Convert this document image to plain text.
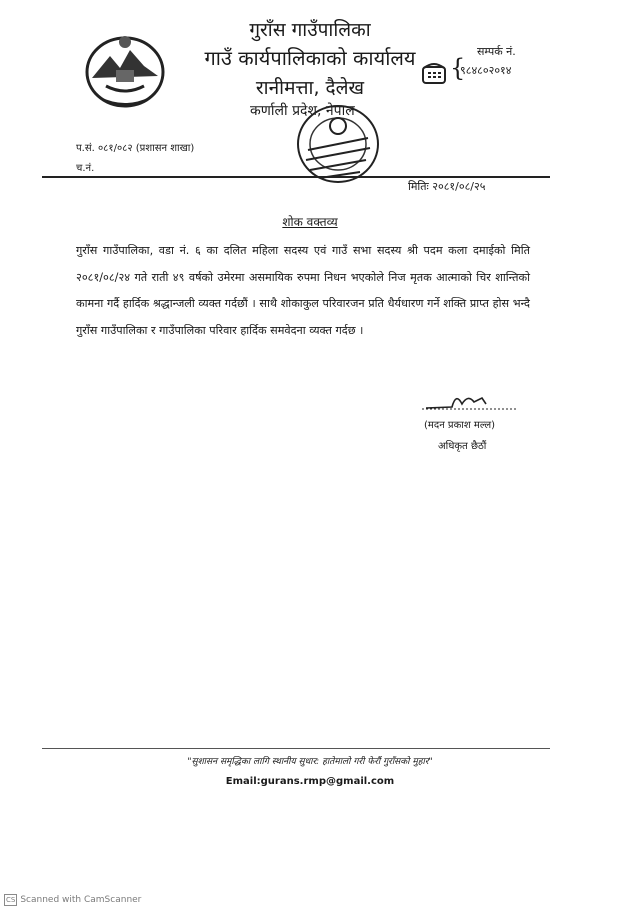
गुराँस गाउँपालिका
गाउँ कार्यपालिकाको कार्यालय
रानीमत्ता, दैलेख
कर्णाली प्रदेश, नेपाल
{
सम्पर्क नं.
९८४८०२०१४
प.सं. ०८१/०८२ (प्रशासन शाखा)
च.नं.
मितिः २०८१/०८/२५
शोक वक्तव्य
गुराँस गाउँपालिका, वडा नं. ६ का दलित महिला सदस्य एवं गाउँ सभा सदस्य श्री पदम कला दमाईको मिति २०८१/०८/२४ गते राती ४९ वर्षको उमेरमा असमायिक रुपमा निधन भएकोले निज मृतक आत्माको चिर शान्तिको कामना गर्दै हार्दिक श्रद्धान्जली व्यक्त गर्दछौं । साथै शोकाकुल परिवारजन प्रति धैर्यधारण गर्ने शक्ति प्राप्त होस भन्दै गुराँस गाउँपालिका र गाउँपालिका परिवार हार्दिक समवेदना व्यक्त गर्दछ ।
(मदन प्रकाश मल्ल)
अधिकृत छैठौं
"सुशासन समृद्धिका लागि स्थानीय सुधार: हातेमालो गरी फेरौं गुराँसको मुहार"
Email:gurans.rmp@gmail.com
CS Scanned with CamScanner
